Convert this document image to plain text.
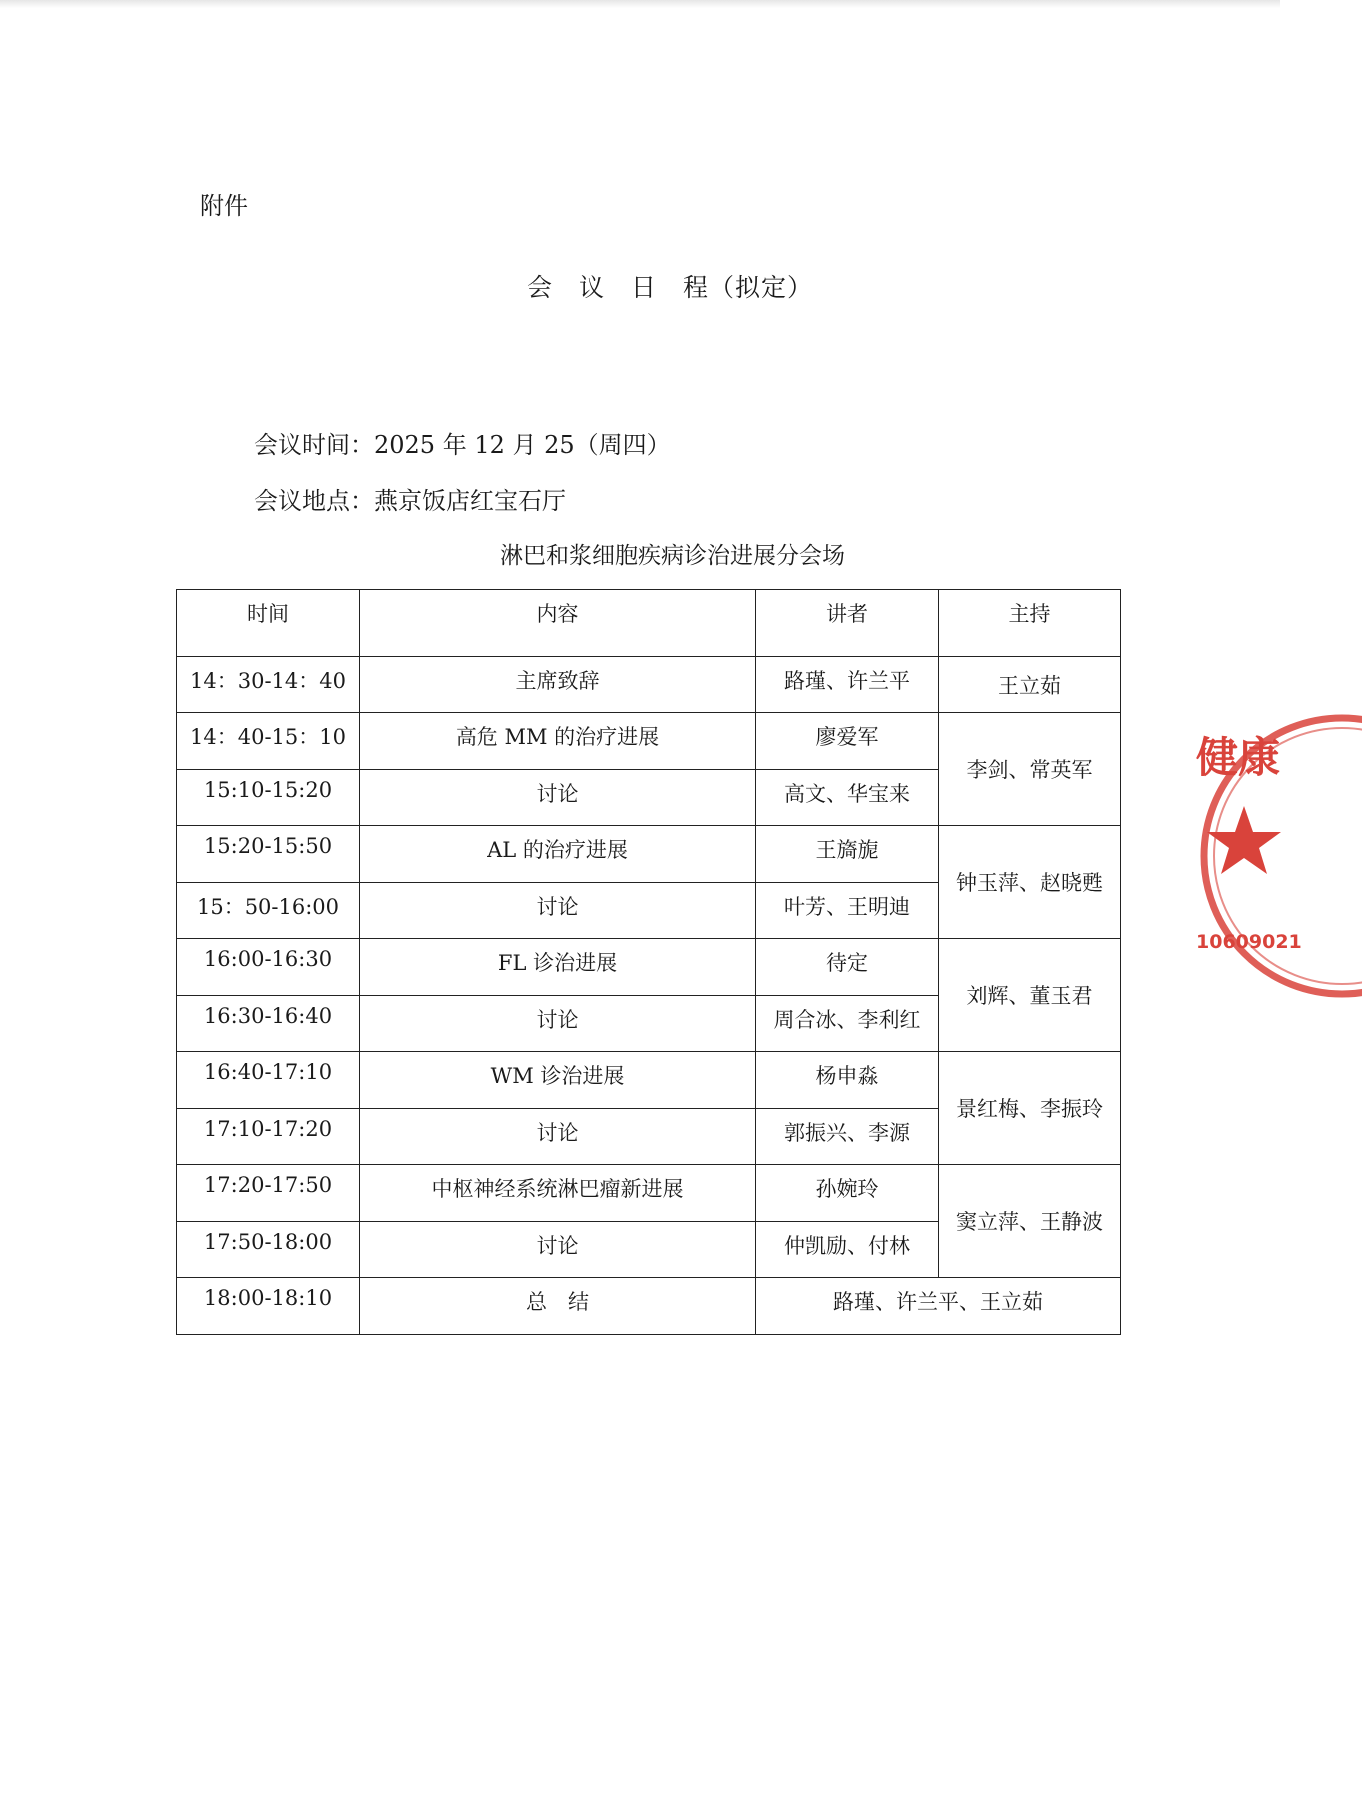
附件
会　议　日　程（拟定）
会议时间：2025 年 12 月 25（周四）
会议地点：燕京饭店红宝石厅
淋巴和浆细胞疾病诊治进展分会场
时间	内容	讲者	主持
14：30-14：40	主席致辞	路瑾、许兰平	王立茹
14：40-15：10	高危 MM 的治疗进展	廖爱军	李剑、常英军
15:10-15:20	讨论	高文、华宝来	
15:20-15:50	AL 的治疗进展	王旖旎	钟玉萍、赵晓甦
15：50-16:00	讨论	叶芳、王明迪	
16:00-16:30	FL 诊治进展	待定	刘辉、董玉君
16:30-16:40	讨论	周合冰、李利红	
16:40-17:10	WM 诊治进展	杨申淼	景红梅、李振玲
17:10-17:20	讨论	郭振兴、李源	
17:20-17:50	中枢神经系统淋巴瘤新进展	孙婉玲	窦立萍、王静波
17:50-18:00	讨论	仲凯励、付林	
18:00-18:10	总　结	路瑾、许兰平、王立茹	
健康
10609021
